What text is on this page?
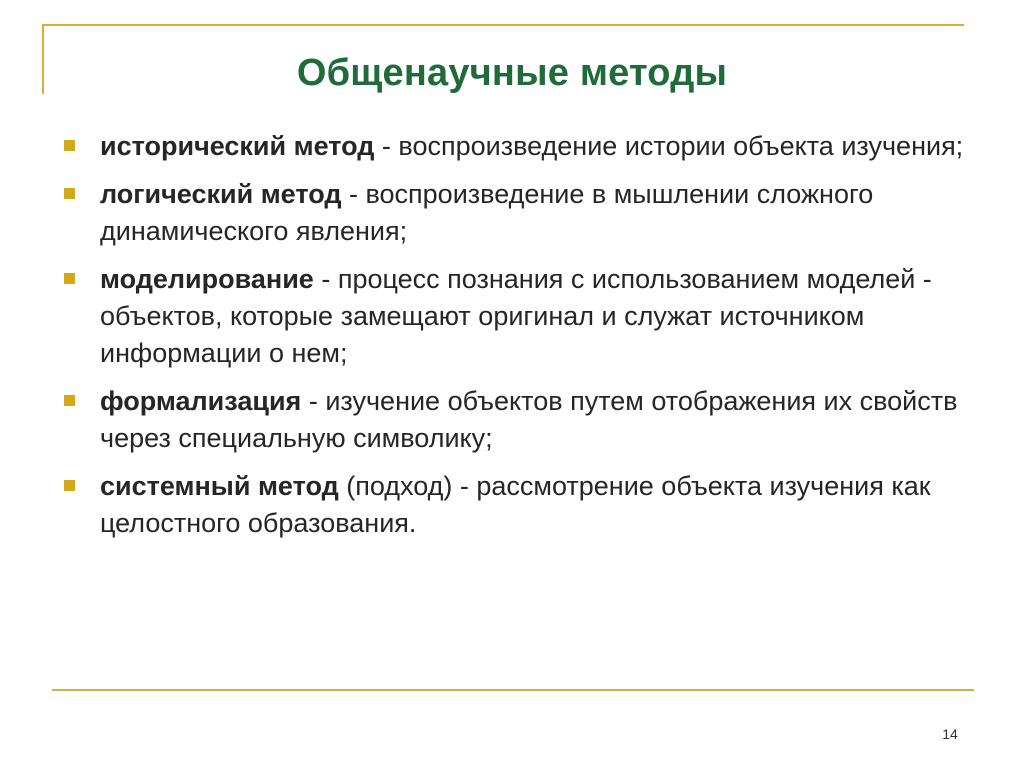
Общенаучные методы
исторический метод - воспроизведение истории объекта изучения;
логический метод - воспроизведение в мышлении сложного динамического явления;
моделирование - процесс познания с использованием моделей - объектов, которые замещают оригинал и служат источником информации о нем;
формализация - изучение объектов путем отображения их свойств через специальную символику;
системный метод (подход) - рассмотрение объекта изучения как целостного образования.
14
